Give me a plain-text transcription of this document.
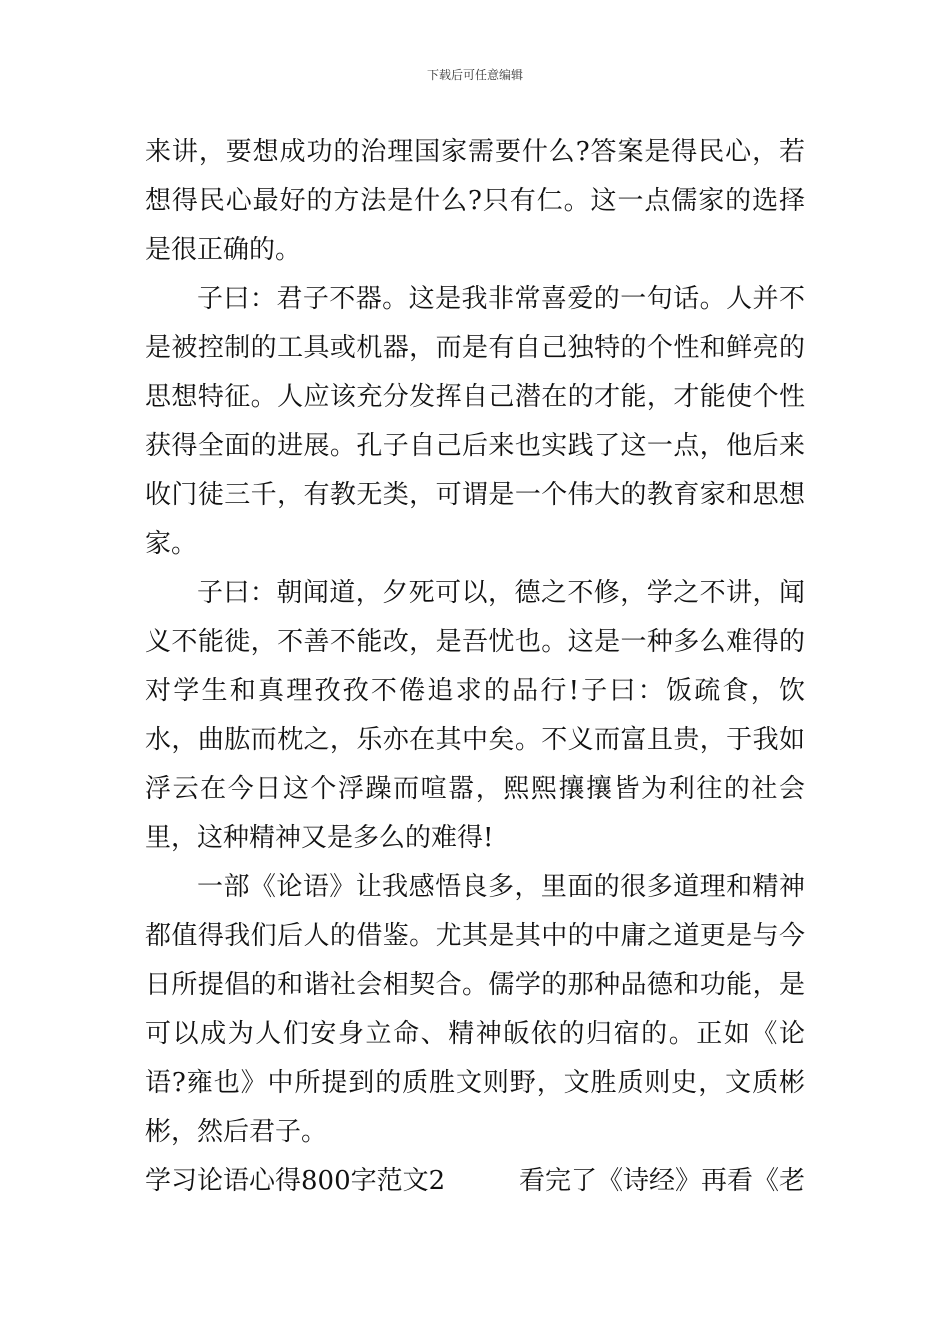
下载后可任意编辑

来讲，要想成功的治理国家需要什么?答案是得民心，若想得民心最好的方法是什么?只有仁。这一点儒家的选择是很正确的。

子曰：君子不器。这是我非常喜爱的一句话。人并不是被控制的工具或机器，而是有自己独特的个性和鲜亮的思想特征。人应该充分发挥自己潜在的才能，才能使个性获得全面的进展。孔子自己后来也实践了这一点，他后来收门徒三千，有教无类，可谓是一个伟大的教育家和思想家。

子曰：朝闻道，夕死可以，德之不修，学之不讲，闻义不能徙，不善不能改，是吾忧也。这是一种多么难得的对学生和真理孜孜不倦追求的品行!子曰：饭疏食，饮水，曲肱而枕之，乐亦在其中矣。不义而富且贵，于我如浮云在今日这个浮躁而喧嚣，熙熙攘攘皆为利往的社会里，这种精神又是多么的难得!

一部《论语》让我感悟良多，里面的很多道理和精神都值得我们后人的借鉴。尤其是其中的中庸之道更是与今日所提倡的和谐社会相契合。儒学的那种品德和功能，是可以成为人们安身立命、精神皈依的归宿的。正如《论语?雍也》中所提到的质胜文则野，文胜质则史，文质彬彬，然后君子。

学习论语心得800字范文2	看完了《诗经》再看《老
